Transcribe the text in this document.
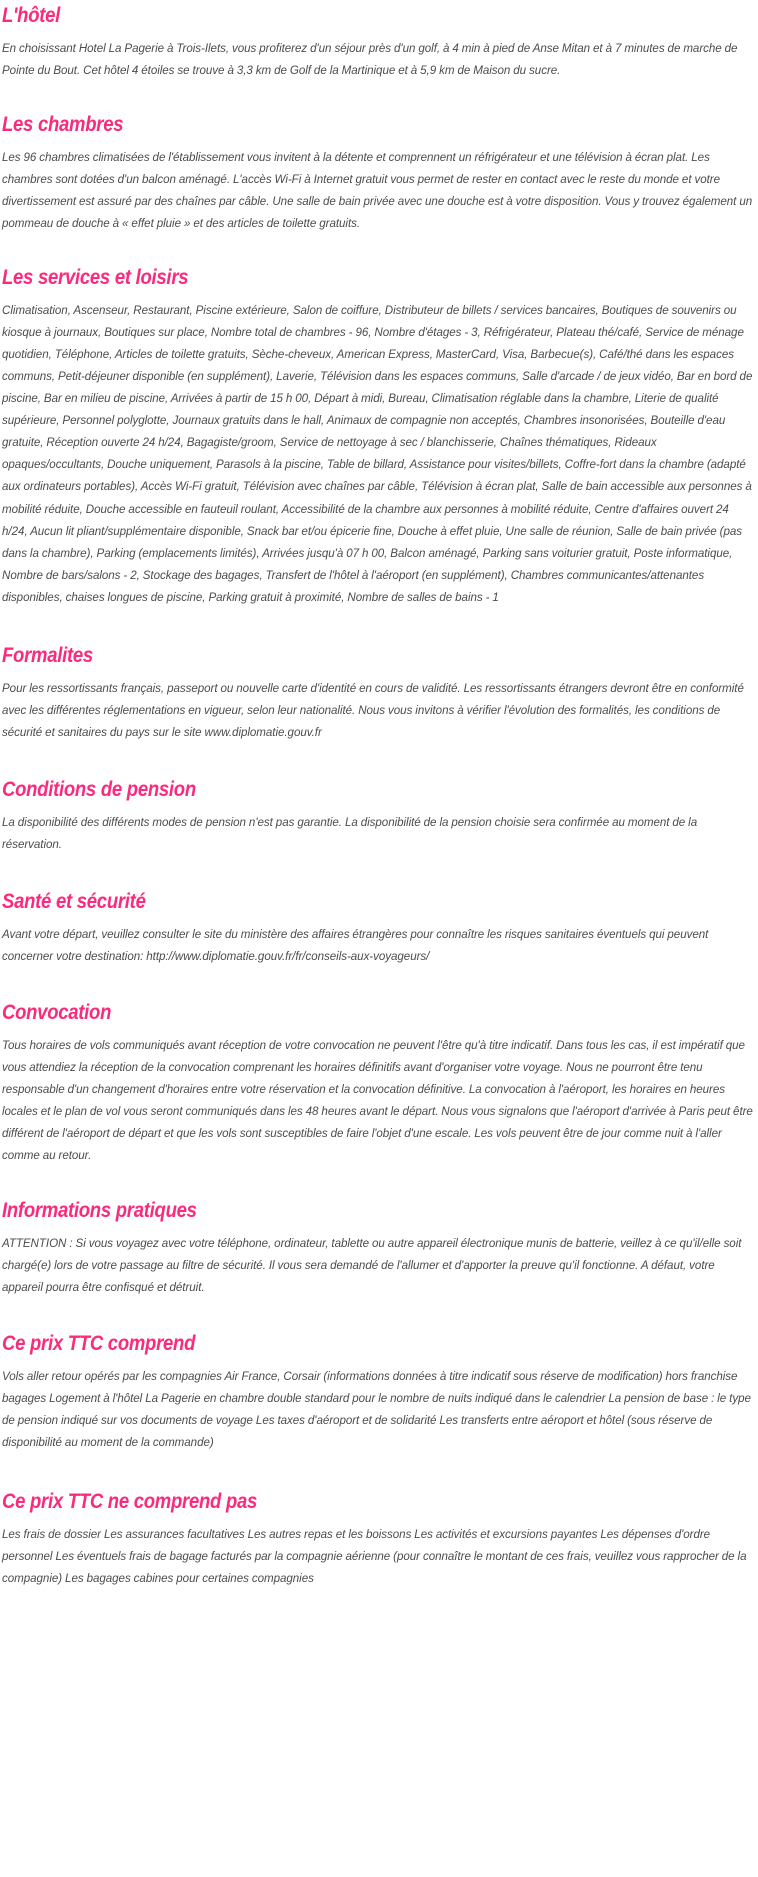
L'hôtel

En choisissant Hotel La Pagerie à Trois-Ilets, vous profiterez d'un séjour près d'un golf, à 4 min à pied de Anse Mitan et à 7 minutes de marche de Pointe du Bout. Cet hôtel 4 étoiles se trouve à 3,3 km de Golf de la Martinique et à 5,9 km de Maison du sucre.

Les chambres

Les 96 chambres climatisées de l'établissement vous invitent à la détente et comprennent un réfrigérateur et une télévision à écran plat. Les chambres sont dotées d'un balcon aménagé. L'accès Wi-Fi à Internet gratuit vous permet de rester en contact avec le reste du monde et votre divertissement est assuré par des chaînes par câble. Une salle de bain privée avec une douche est à votre disposition. Vous y trouvez également un pommeau de douche à « effet pluie » et des articles de toilette gratuits.

Les services et loisirs

Climatisation, Ascenseur, Restaurant, Piscine extérieure, Salon de coiffure, Distributeur de billets / services bancaires, Boutiques de souvenirs ou kiosque à journaux, Boutiques sur place, Nombre total de chambres - 96, Nombre d'étages - 3, Réfrigérateur, Plateau thé/café, Service de ménage quotidien, Téléphone, Articles de toilette gratuits, Sèche-cheveux, American Express, MasterCard, Visa, Barbecue(s), Café/thé dans les espaces communs, Petit-déjeuner disponible (en supplément), Laverie, Télévision dans les espaces communs, Salle d'arcade / de jeux vidéo, Bar en bord de piscine, Bar en milieu de piscine, Arrivées à partir de 15 h 00, Départ à midi, Bureau, Climatisation réglable dans la chambre, Literie de qualité supérieure, Personnel polyglotte, Journaux gratuits dans le hall, Animaux de compagnie non acceptés, Chambres insonorisées, Bouteille d'eau gratuite, Réception ouverte 24 h/24, Bagagiste/groom, Service de nettoyage à sec / blanchisserie, Chaînes thématiques, Rideaux opaques/occultants, Douche uniquement, Parasols à la piscine, Table de billard, Assistance pour visites/billets, Coffre-fort dans la chambre (adapté aux ordinateurs portables), Accès Wi-Fi gratuit, Télévision avec chaînes par câble, Télévision à écran plat, Salle de bain accessible aux personnes à mobilité réduite, Douche accessible en fauteuil roulant, Accessibilité de la chambre aux personnes à mobilité réduite, Centre d'affaires ouvert 24 h/24, Aucun lit pliant/supplémentaire disponible, Snack bar et/ou épicerie fine, Douche à effet pluie, Une salle de réunion, Salle de bain privée (pas dans la chambre), Parking (emplacements limités), Arrivées jusqu'à 07 h 00, Balcon aménagé, Parking sans voiturier gratuit, Poste informatique, Nombre de bars/salons - 2, Stockage des bagages, Transfert de l'hôtel à l'aéroport (en supplément), Chambres communicantes/attenantes disponibles, chaises longues de piscine, Parking gratuit à proximité, Nombre de salles de bains - 1

Formalites

Pour les ressortissants français, passeport ou nouvelle carte d'identité en cours de validité. Les ressortissants étrangers devront être en conformité avec les différentes réglementations en vigueur, selon leur nationalité. Nous vous invitons à vérifier l'évolution des formalités, les conditions de sécurité et sanitaires du pays sur le site www.diplomatie.gouv.fr

Conditions de pension

La disponibilité des différents modes de pension n'est pas garantie. La disponibilité de la pension choisie sera confirmée au moment de la réservation.

Santé et sécurité

Avant votre départ, veuillez consulter le site du ministère des affaires étrangères pour connaître les risques sanitaires éventuels qui peuvent concerner votre destination: http://www.diplomatie.gouv.fr/fr/conseils-aux-voyageurs/

Convocation

Tous horaires de vols communiqués avant réception de votre convocation ne peuvent l'être qu'à titre indicatif. Dans tous les cas, il est impératif que vous attendiez la réception de la convocation comprenant les horaires définitifs avant d'organiser votre voyage. Nous ne pourront être tenu responsable d'un changement d'horaires entre votre réservation et la convocation définitive. La convocation à l'aéroport, les horaires en heures locales et le plan de vol vous seront communiqués dans les 48 heures avant le départ. Nous vous signalons que l'aéroport d'arrivée à Paris peut être différent de l'aéroport de départ et que les vols sont susceptibles de faire l'objet d'une escale. Les vols peuvent être de jour comme nuit à l'aller comme au retour.

Informations pratiques

ATTENTION : Si vous voyagez avec votre téléphone, ordinateur, tablette ou autre appareil électronique munis de batterie, veillez à ce qu'il/elle soit chargé(e) lors de votre passage au filtre de sécurité. Il vous sera demandé de l'allumer et d'apporter la preuve qu'il fonctionne. A défaut, votre appareil pourra être confisqué et détruit.

Ce prix TTC comprend

Vols aller retour opérés par les compagnies Air France, Corsair (informations données à titre indicatif sous réserve de modification) hors franchise bagages Logement à l'hôtel La Pagerie en chambre double standard pour le nombre de nuits indiqué dans le calendrier La pension de base : le type de pension indiqué sur vos documents de voyage Les taxes d'aéroport et de solidarité Les transferts entre aéroport et hôtel (sous réserve de disponibilité au moment de la commande)

Ce prix TTC ne comprend pas

Les frais de dossier Les assurances facultatives Les autres repas et les boissons Les activités et excursions payantes Les dépenses d'ordre personnel Les éventuels frais de bagage facturés par la compagnie aérienne (pour connaître le montant de ces frais, veuillez vous rapprocher de la compagnie) Les bagages cabines pour certaines compagnies
